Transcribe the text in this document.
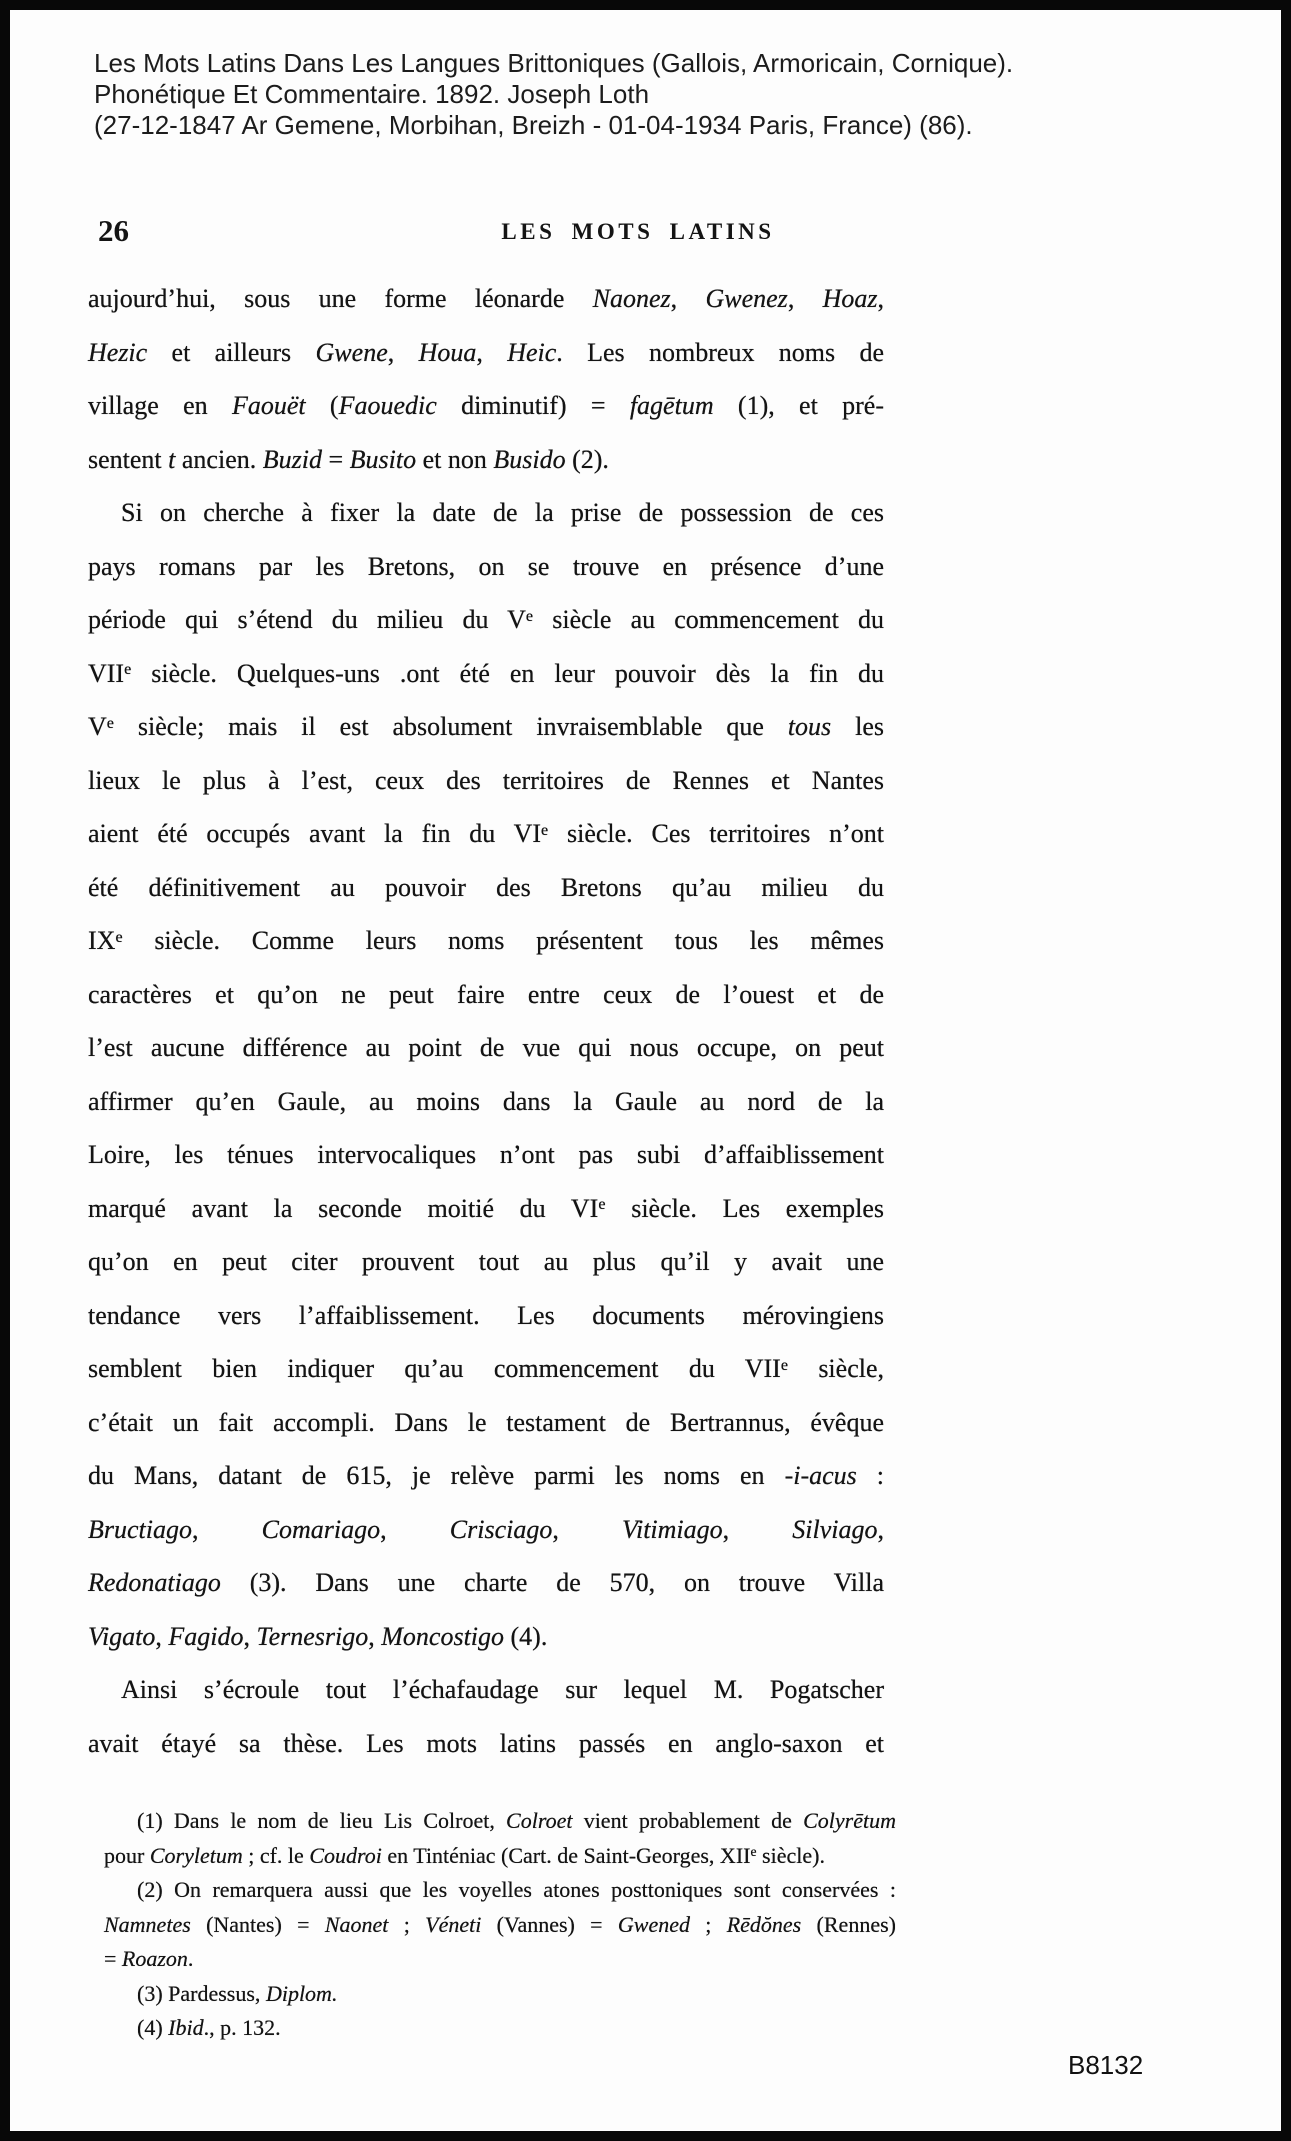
Les Mots Latins Dans Les Langues Brittoniques (Gallois, Armoricain, Cornique).
Phonétique Et Commentaire. 1892. Joseph Loth
(27-12-1847 Ar Gemene, Morbihan, Breizh - 01-04-1934 Paris, France) (86).
26	LES MOTS LATINS
aujourd’hui, sous une forme léonarde Naonez, Gwenez, Hoaz,
Hezic et ailleurs Gwene, Houa, Heic. Les nombreux noms de
village en Faouët (Faouedic diminutif) = fagētum (1), et pré-
sentent t ancien. Buzid = Busito et non Busido (2).
Si on cherche à fixer la date de la prise de possession de ces
pays romans par les Bretons, on se trouve en présence d’une
période qui s’étend du milieu du Ve siècle au commencement du
VIIe siècle. Quelques-uns .ont été en leur pouvoir dès la fin du
Ve siècle; mais il est absolument invraisemblable que tous les
lieux le plus à l’est, ceux des territoires de Rennes et Nantes
aient été occupés avant la fin du VIe siècle. Ces territoires n’ont
été définitivement au pouvoir des Bretons qu’au milieu du
IXe siècle. Comme leurs noms présentent tous les mêmes
caractères et qu’on ne peut faire entre ceux de l’ouest et de
l’est aucune différence au point de vue qui nous occupe, on peut
affirmer qu’en Gaule, au moins dans la Gaule au nord de la
Loire, les ténues intervocaliques n’ont pas subi d’affaiblissement
marqué avant la seconde moitié du VIe siècle. Les exemples
qu’on en peut citer prouvent tout au plus qu’il y avait une
tendance vers l’affaiblissement. Les documents mérovingiens
semblent bien indiquer qu’au commencement du VIIe siècle,
c’était un fait accompli. Dans le testament de Bertrannus, évêque
du Mans, datant de 615, je relève parmi les noms en -i-acus :
Bructiago, Comariago, Crisciago, Vitimiago, Silviago,
Redonatiago (3). Dans une charte de 570, on trouve Villa
Vigato, Fagido, Ternesrigo, Moncostigo (4).
Ainsi s’écroule tout l’échafaudage sur lequel M. Pogatscher
avait étayé sa thèse. Les mots latins passés en anglo-saxon et
(1) Dans le nom de lieu Lis Colroet, Colroet vient probablement de Colyrētum
pour Coryletum ; cf. le Coudroi en Tinténiac (Cart. de Saint-Georges, XIIe siècle).
(2) On remarquera aussi que les voyelles atones posttoniques sont conservées :
Namnetes (Nantes) = Naonet ; Véneti (Vannes) = Gwened ; Rēdŏnes (Rennes)
= Roazon.
(3) Pardessus, Diplom.
(4) Ibid., p. 132.
B8132
